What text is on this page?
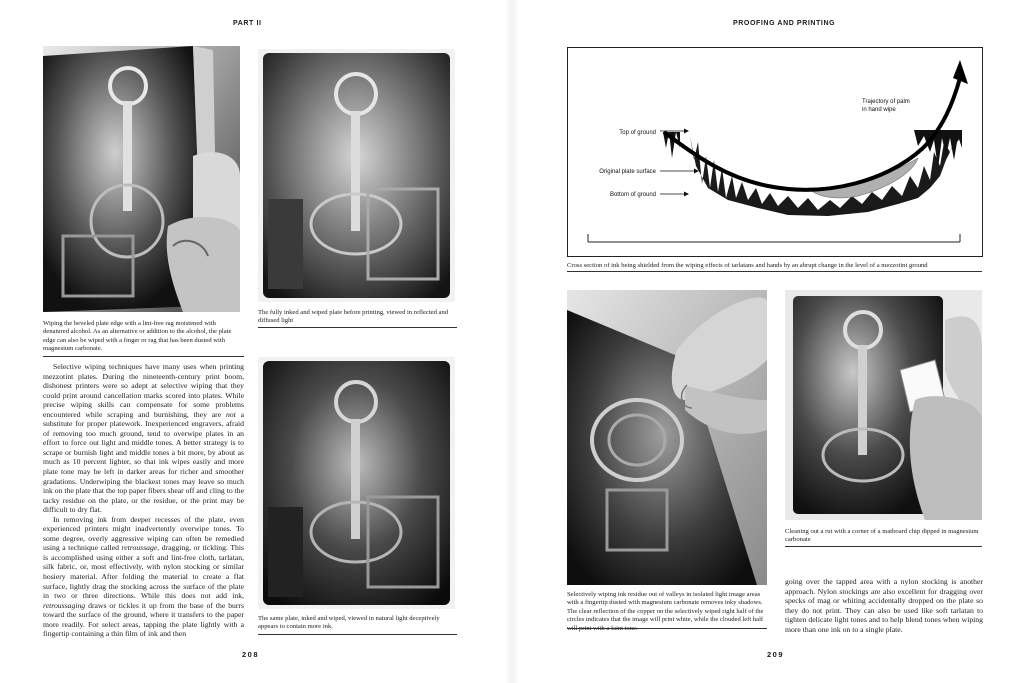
PART II
Wiping the beveled plate edge with a lint-free rag moistened with denatured alcohol. As an alternative or addition to the alcohol, the plate edge can also be wiped with a finger or rag that has been dusted with magnesium carbonate.
The fully inked and wiped plate before printing, viewed in reflected and diffused light
The same plate, inked and wiped, viewed in natural light deceptively appears to contain more ink.

Selective wiping techniques have many uses when printing mezzotint plates. During the nineteenth-century print boom, dishonest printers were so adept at selective wiping that they could print around cancellation marks scored into plates. While precise wiping skills can compensate for some problems encountered while scraping and burnishing, they are not a substitute for proper platework. Inexperienced engravers, afraid of removing too much ground, tend to overwipe plates in an effort to force out light and middle tones. A better strategy is to scrape or burnish light and middle tones a bit more, by about as much as 10 percent lighter, so that ink wipes easily and more plate tone may be left in darker areas for richer and smoother gradations. Underwiping the blackest tones may leave so much ink on the plate that the top paper fibers shear off and cling to the tacky residue on the plate, or the residue, or the print may be difficult to dry flat.

In removing ink from deeper recesses of the plate, even experienced printers might inadvertently overwipe tones. To some degree, overly aggressive wiping can often be remedied using a technique called retroussage, dragging, or tickling. This is accomplished using either a soft and lint-free cloth, tarlatan, silk fabric, or, most effectively, with nylon stocking or similar hosiery material. After folding the material to create a flat surface, lightly drag the stocking across the surface of the plate in two or three directions. While this does not add ink, retroussaging draws or tickles it up from the base of the burrs toward the surface of the ground, where it transfers to the paper more readily. For select areas, tapping the plate lightly with a fingertip containing a thin film of ink and then

208
PROOFING AND PRINTING
Top of ground
Original plate surface
Bottom of ground
Trajectory of palm
in hand wipe
Cross section of ink being shielded from the wiping effects of tarlatans and hands by an abrupt change in the level of a mezzotint ground
Selectively wiping ink residue out of valleys in isolated light image areas with a fingertip dusted with magnesium carbonate removes inky shadows. The clear reflection of the copper on the selectively wiped right half of the circles indicates that the image will print white, while the clouded left half will print with a faint tone.
Cleaning out a rut with a corner of a matboard chip dipped in magnesium carbonate

going over the tapped area with a nylon stocking is another approach. Nylon stockings are also excellent for dragging over specks of mag or whiting accidentally dropped on the plate so they do not print. They can also be used like soft tarlatan to tighten delicate light tones and to help blend tones when wiping more than one ink on to a single plate.

209
